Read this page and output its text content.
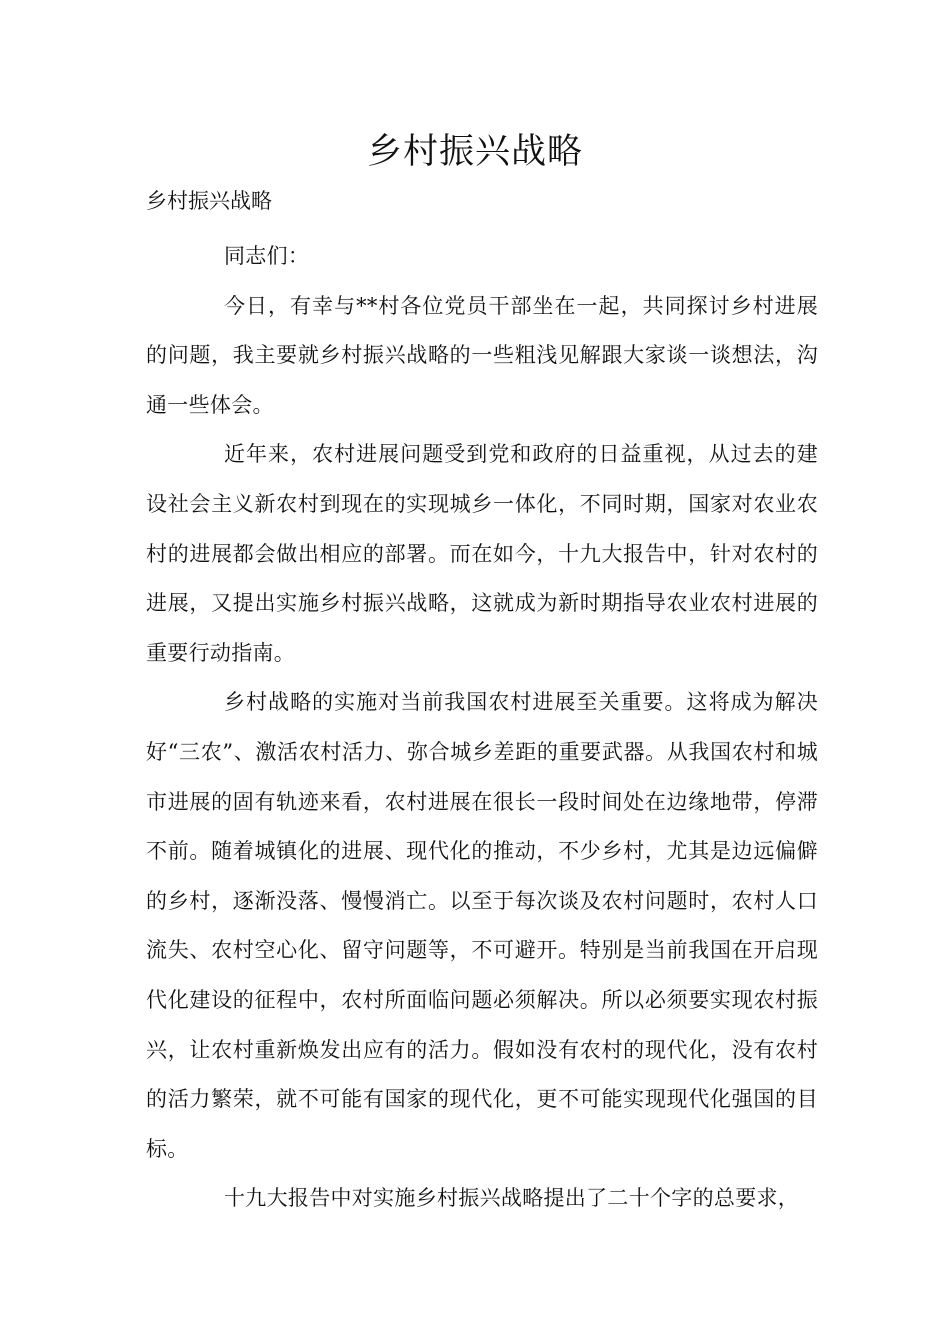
乡村振兴战略

乡村振兴战略

同志们：

今日，有幸与**村各位党员干部坐在一起，共同探讨乡村进展的问题，我主要就乡村振兴战略的一些粗浅见解跟大家谈一谈想法，沟通一些体会。

近年来，农村进展问题受到党和政府的日益重视，从过去的建设社会主义新农村到现在的实现城乡一体化，不同时期，国家对农业农村的进展都会做出相应的部署。而在如今，十九大报告中，针对农村的进展，又提出实施乡村振兴战略，这就成为新时期指导农业农村进展的重要行动指南。

乡村战略的实施对当前我国农村进展至关重要。这将成为解决好“三农”、激活农村活力、弥合城乡差距的重要武器。从我国农村和城市进展的固有轨迹来看，农村进展在很长一段时间处在边缘地带，停滞不前。随着城镇化的进展、现代化的推动，不少乡村，尤其是边远偏僻的乡村，逐渐没落、慢慢消亡。以至于每次谈及农村问题时，农村人口流失、农村空心化、留守问题等，不可避开。特别是当前我国在开启现代化建设的征程中，农村所面临问题必须解决。所以必须要实现农村振兴，让农村重新焕发出应有的活力。假如没有农村的现代化，没有农村的活力繁荣，就不可能有国家的现代化，更不可能实现现代化强国的目标。

十九大报告中对实施乡村振兴战略提出了二十个字的总要求，
